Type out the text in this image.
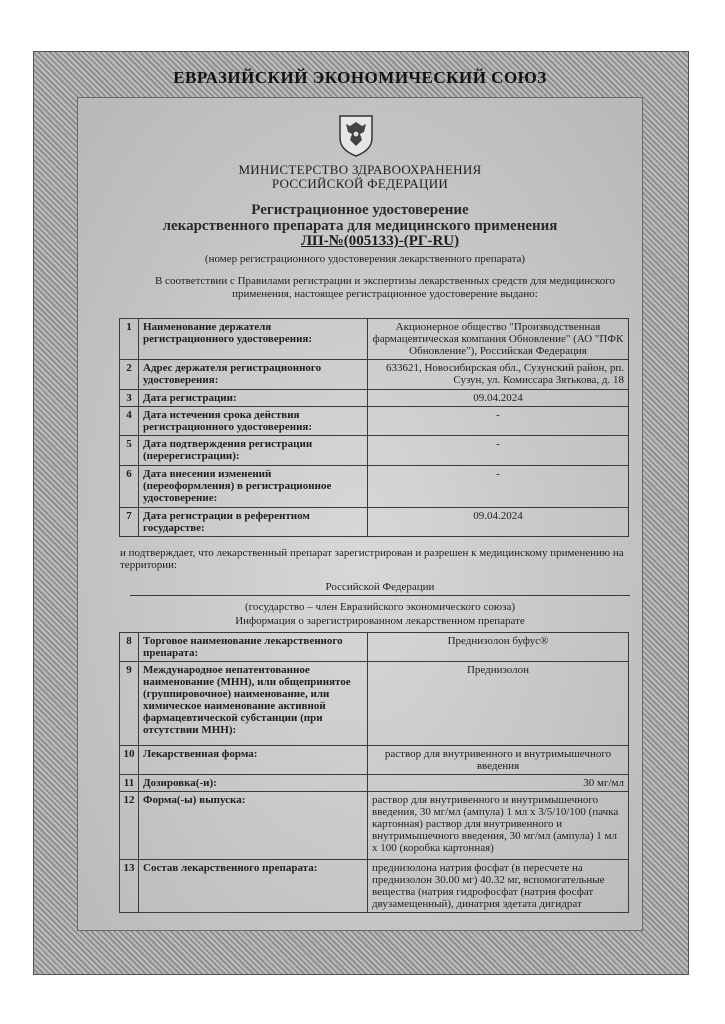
ЕВРАЗИЙСКИЙ ЭКОНОМИЧЕСКИЙ СОЮЗ
МИНИСТЕРСТВО ЗДРАВООХРАНЕНИЯ
РОССИЙСКОЙ ФЕДЕРАЦИИ
Регистрационное удостоверение
лекарственного препарата для медицинского применения
ЛП-№(005133)-(РГ-RU)
(номер регистрационного удостоверения лекарственного препарата)
В соответствии с Правилами регистрации и экспертизы лекарственных средств для медицинского применения, настоящее регистрационное удостоверение выдано:
1	Наименование держателя регистрационного удостоверения:	Акционерное общество "Производственная фармацевтическая компания Обновление" (АО "ПФК Обновление"), Российская Федерация
2	Адрес держателя регистрационного удостоверения:	633621, Новосибирская обл., Сузунский район, рп. Сузун, ул. Комиссара Зятькова, д. 18
3	Дата регистрации:	09.04.2024
4	Дата истечения срока действия регистрационного удостоверения:	-
5	Дата подтверждения регистрации (перерегистрации):	-
6	Дата внесения изменений (переоформления) в регистрационное удостоверение:	-
7	Дата регистрации в референтном государстве:	09.04.2024
и подтверждает, что лекарственный препарат зарегистрирован и разрешен к медицинскому применению на территории:
Российской Федерации
(государство – член Евразийского экономического союза)
Информация о зарегистрированном лекарственном препарате
8	Торговое наименование лекарственного препарата:	Преднизолон буфус®
9	Международное непатентованное наименование (МНН), или общепринятое (группировочное) наименование, или химическое наименование активной фармацевтической субстанции (при отсутствии МНН):	Преднизолон
10	Лекарственная форма:	раствор для внутривенного и внутримышечного введения
11	Дозировка(-и):	30 мг/мл
12	Форма(-ы) выпуска:	раствор для внутривенного и внутримышечного введения, 30 мг/мл (ампула) 1 мл x 3/5/10/100 (пачка картонная) раствор для внутривенного и внутримышечного введения, 30 мг/мл (ампула) 1 мл x 100 (коробка картонная)
13	Состав лекарственного препарата:	преднизолона натрия фосфат (в пересчете на преднизолон 30.00 мг) 40.32 мг, вспомогательные вещества (натрия гидрофосфат (натрия фосфат двузамещенный), динатрия эдетата дигидрат
